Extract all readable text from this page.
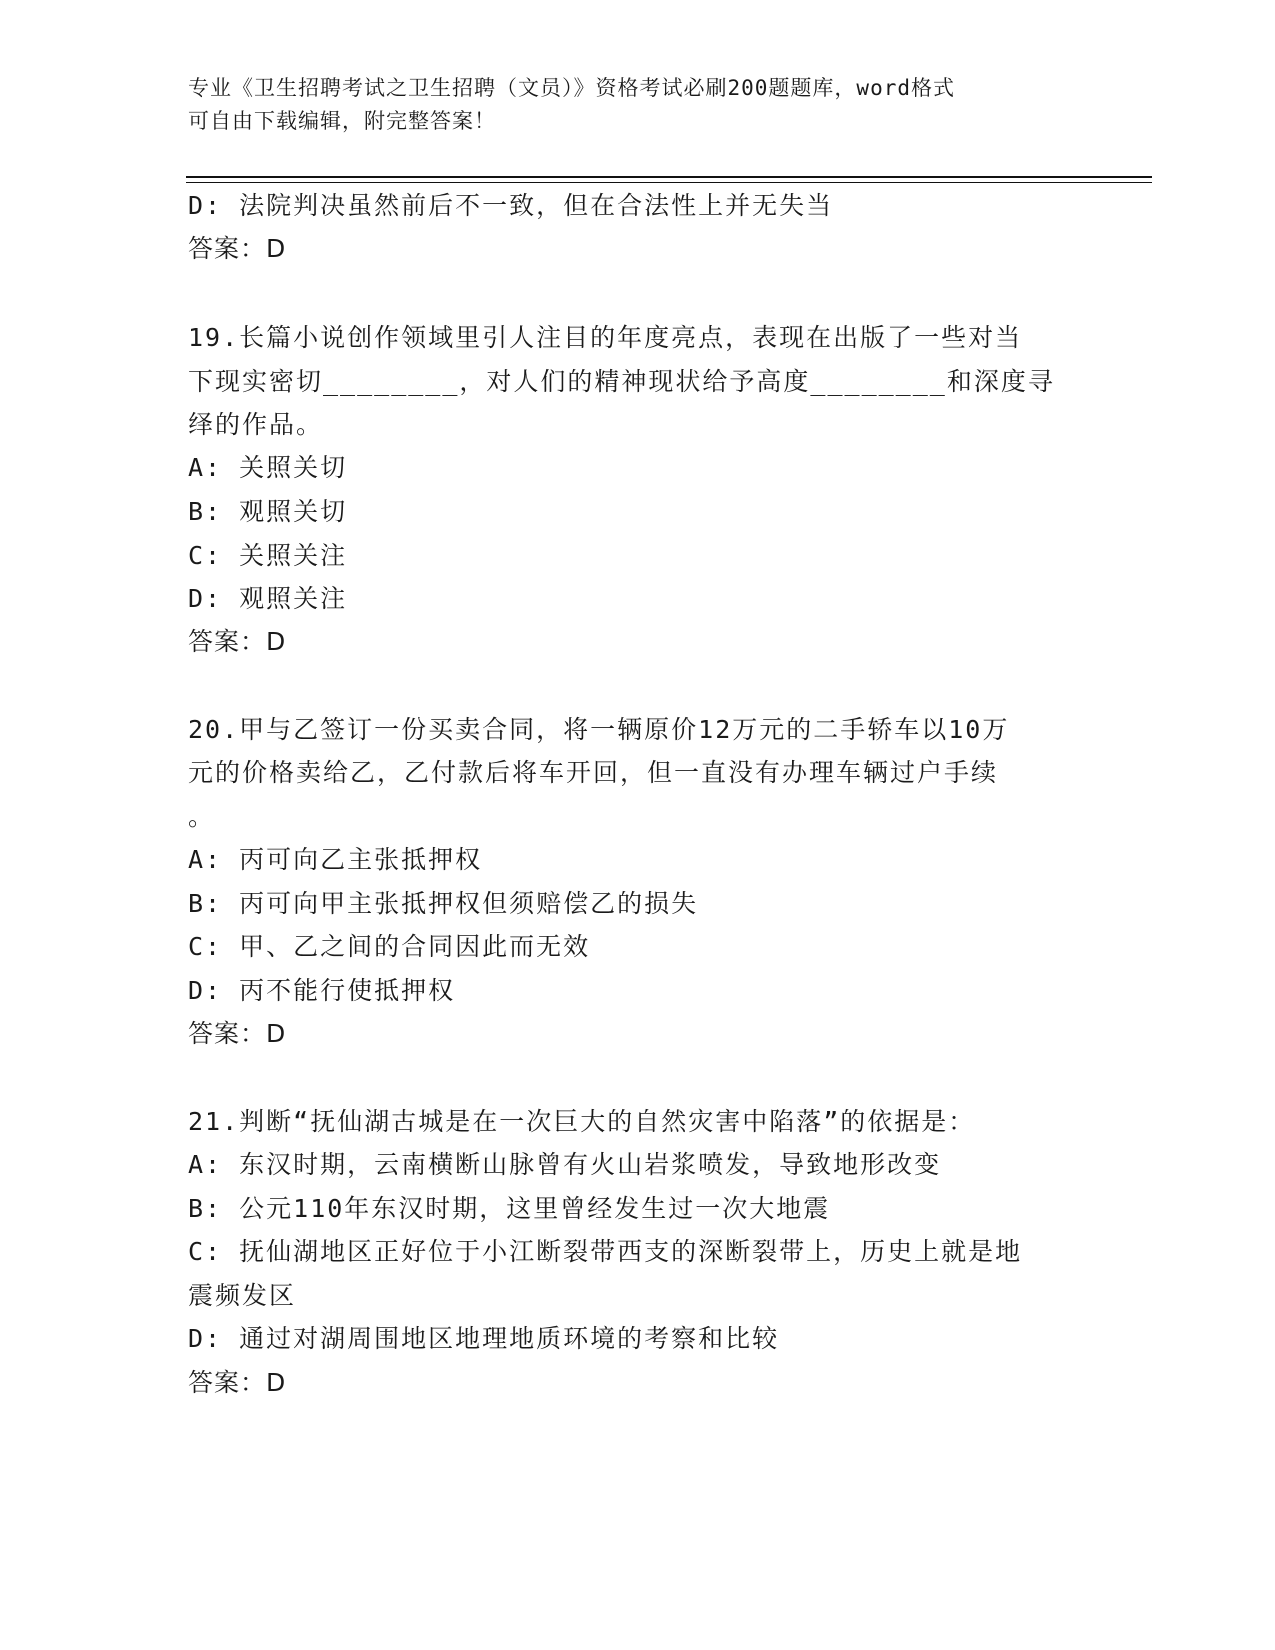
专业《卫生招聘考试之卫生招聘（文员）》资格考试必刷200题题库，word格式
可自由下载编辑，附完整答案！
D: 法院判决虽然前后不一致，但在合法性上并无失当
答案：D
19.长篇小说创作领域里引人注目的年度亮点，表现在出版了一些对当
下现实密切________，对人们的精神现状给予高度________和深度寻
绎的作品。
A: 关照关切
B: 观照关切
C: 关照关注
D: 观照关注
答案：D
20.甲与乙签订一份买卖合同，将一辆原价12万元的二手轿车以10万
元的价格卖给乙，乙付款后将车开回，但一直没有办理车辆过户手续
。
A: 丙可向乙主张抵押权
B: 丙可向甲主张抵押权但须赔偿乙的损失
C: 甲、乙之间的合同因此而无效
D: 丙不能行使抵押权
答案：D
21.判断“抚仙湖古城是在一次巨大的自然灾害中陷落”的依据是：
A: 东汉时期，云南横断山脉曾有火山岩浆喷发，导致地形改变
B: 公元110年东汉时期，这里曾经发生过一次大地震
C: 抚仙湖地区正好位于小江断裂带西支的深断裂带上，历史上就是地
震频发区
D: 通过对湖周围地区地理地质环境的考察和比较
答案：D
